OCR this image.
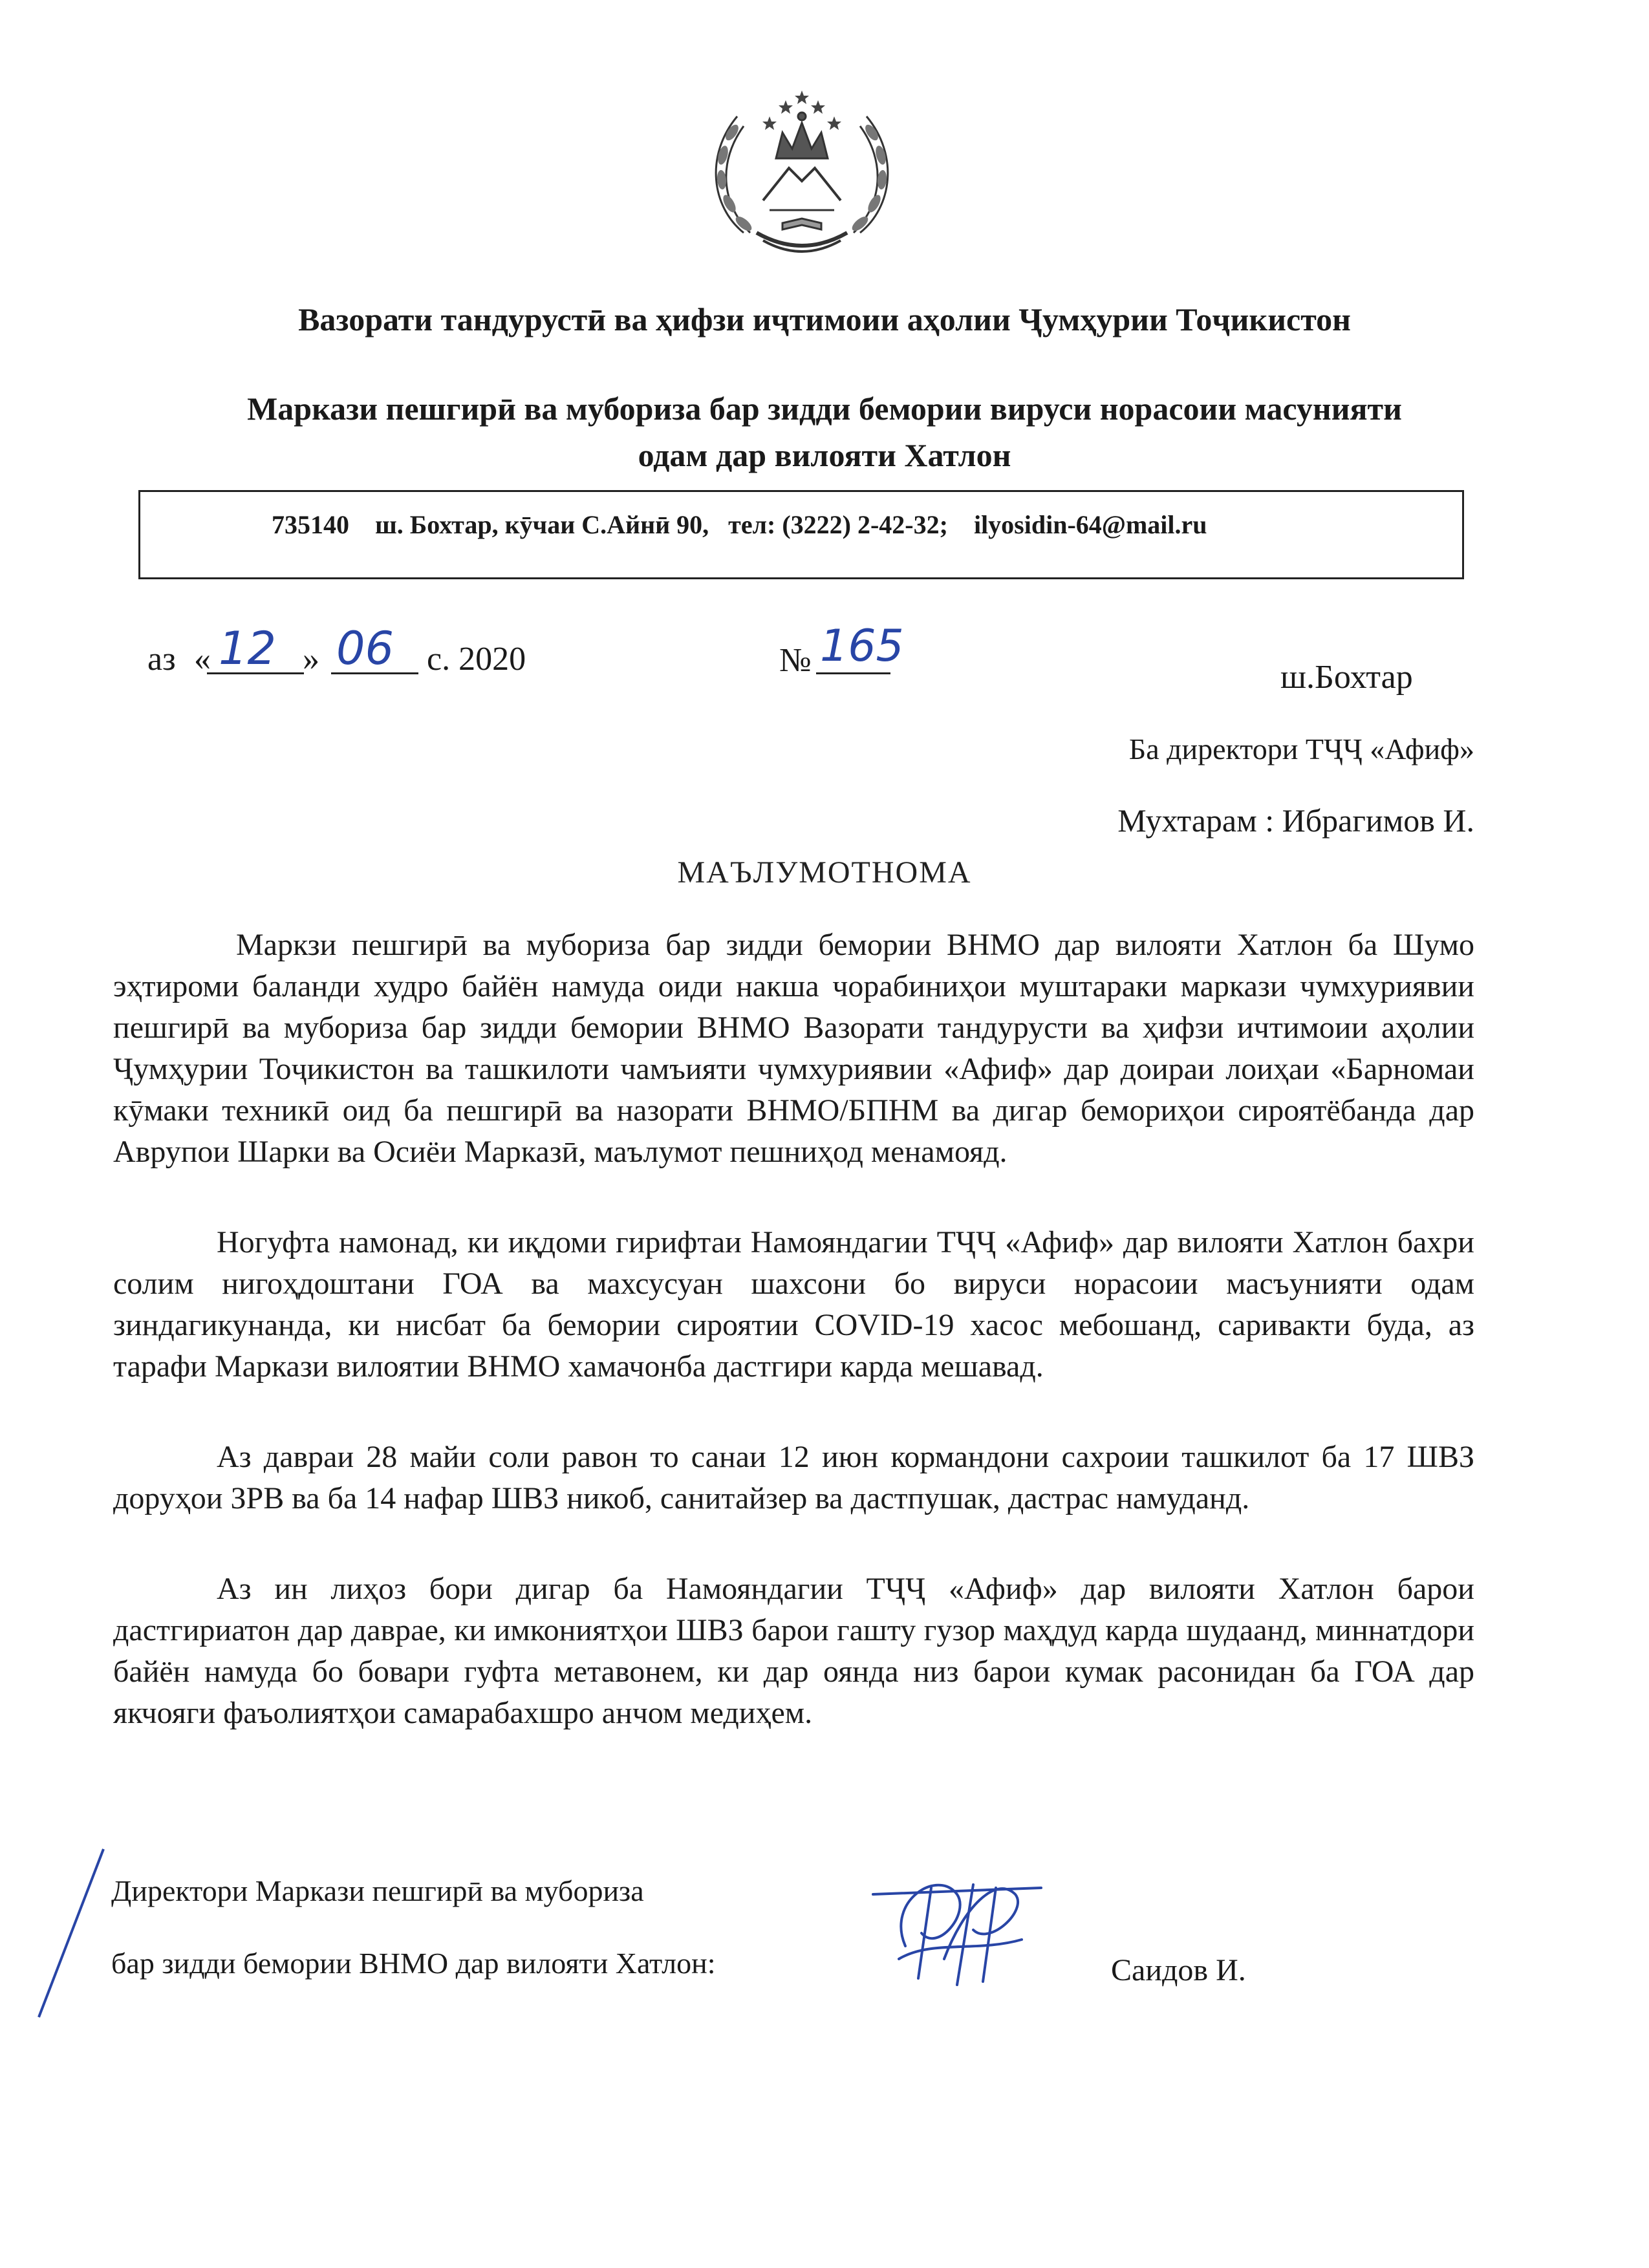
Вазорати тандурустӣ ва ҳифзи иҷтимоии аҳолии Ҷумҳурии Тоҷикистон
Маркази пешгирӣ ва мубориза бар зидди бемории вируси норасоии масунияти
одам дар вилояти Хатлон
735140    ш. Бохтар, кӯчаи С.Айнӣ 90,   тел: (3222) 2-42-32;    ilyosidin-64@mail.ru
аз « 12 » 06 с. 2020	№ 165
ш.Бохтар
Ба директори ТҶҶ «Афиф»
Мухтарам : Ибрагимов И.
МАЪЛУМОТНОМА

Маркзи пешгирӣ ва мубориза бар зидди бемории ВНМО дар вилояти Хатлон ба Шумо эҳтироми баланди худро байён намуда оиди накша чорабиниҳои муштараки маркази чумхуриявии пешгирӣ ва мубориза бар зидди бемории ВНМО Вазорати тандурусти ва ҳифзи ичтимоии аҳолии Ҷумҳурии Тоҷикистон ва ташкилоти чамъияти чумхуриявии «Афиф» дар доираи лоиҳаи «Барномаи кӯмаки техникӣ оид ба пешгирӣ ва назорати ВНМО/БПНМ ва дигар бемориҳои сироятёбанда дар Аврупои Шарки ва Осиёи Марказӣ, маълумот пешниҳод менамояд.

Ногуфта намонад, ки иқдоми гирифтаи Намояндагии ТҶҶ «Афиф» дар вилояти Хатлон бахри солим нигоҳдоштани ГОА ва махсусуан шахсони бо вируси норасоии масъунияти одам зиндагикунанда, ки нисбат ба бемории сироятии COVID-19 хасос мебошанд, саривакти буда, аз тарафи Маркази вилоятии ВНМО хамачонба дастгири карда мешавад.

Аз давраи 28 майи соли равон то санаи 12 июн кормандони сахроии ташкилот ба 17 ШВЗ доруҳои ЗРВ ва ба 14 нафар ШВЗ никоб, санитайзер ва дастпушак, дастрас намуданд.

Аз ин лиҳоз бори дигар ба Намояндагии ТҶҶ «Афиф» дар вилояти Хатлон барои дастгириатон дар даврае, ки имкониятҳои ШВЗ барои гашту гузор маҳдуд карда шудаанд, миннатдори байён намуда бо бовари гуфта метавонем, ки дар оянда низ барои кумак расонидан ба ГОА дар якчояги фаъолиятҳои самарабахшро анчом медиҳем.

Директори Маркази пешгирӣ ва мубориза
бар зидди бемории ВНМО дар вилояти Хатлон:	Саидов И.
